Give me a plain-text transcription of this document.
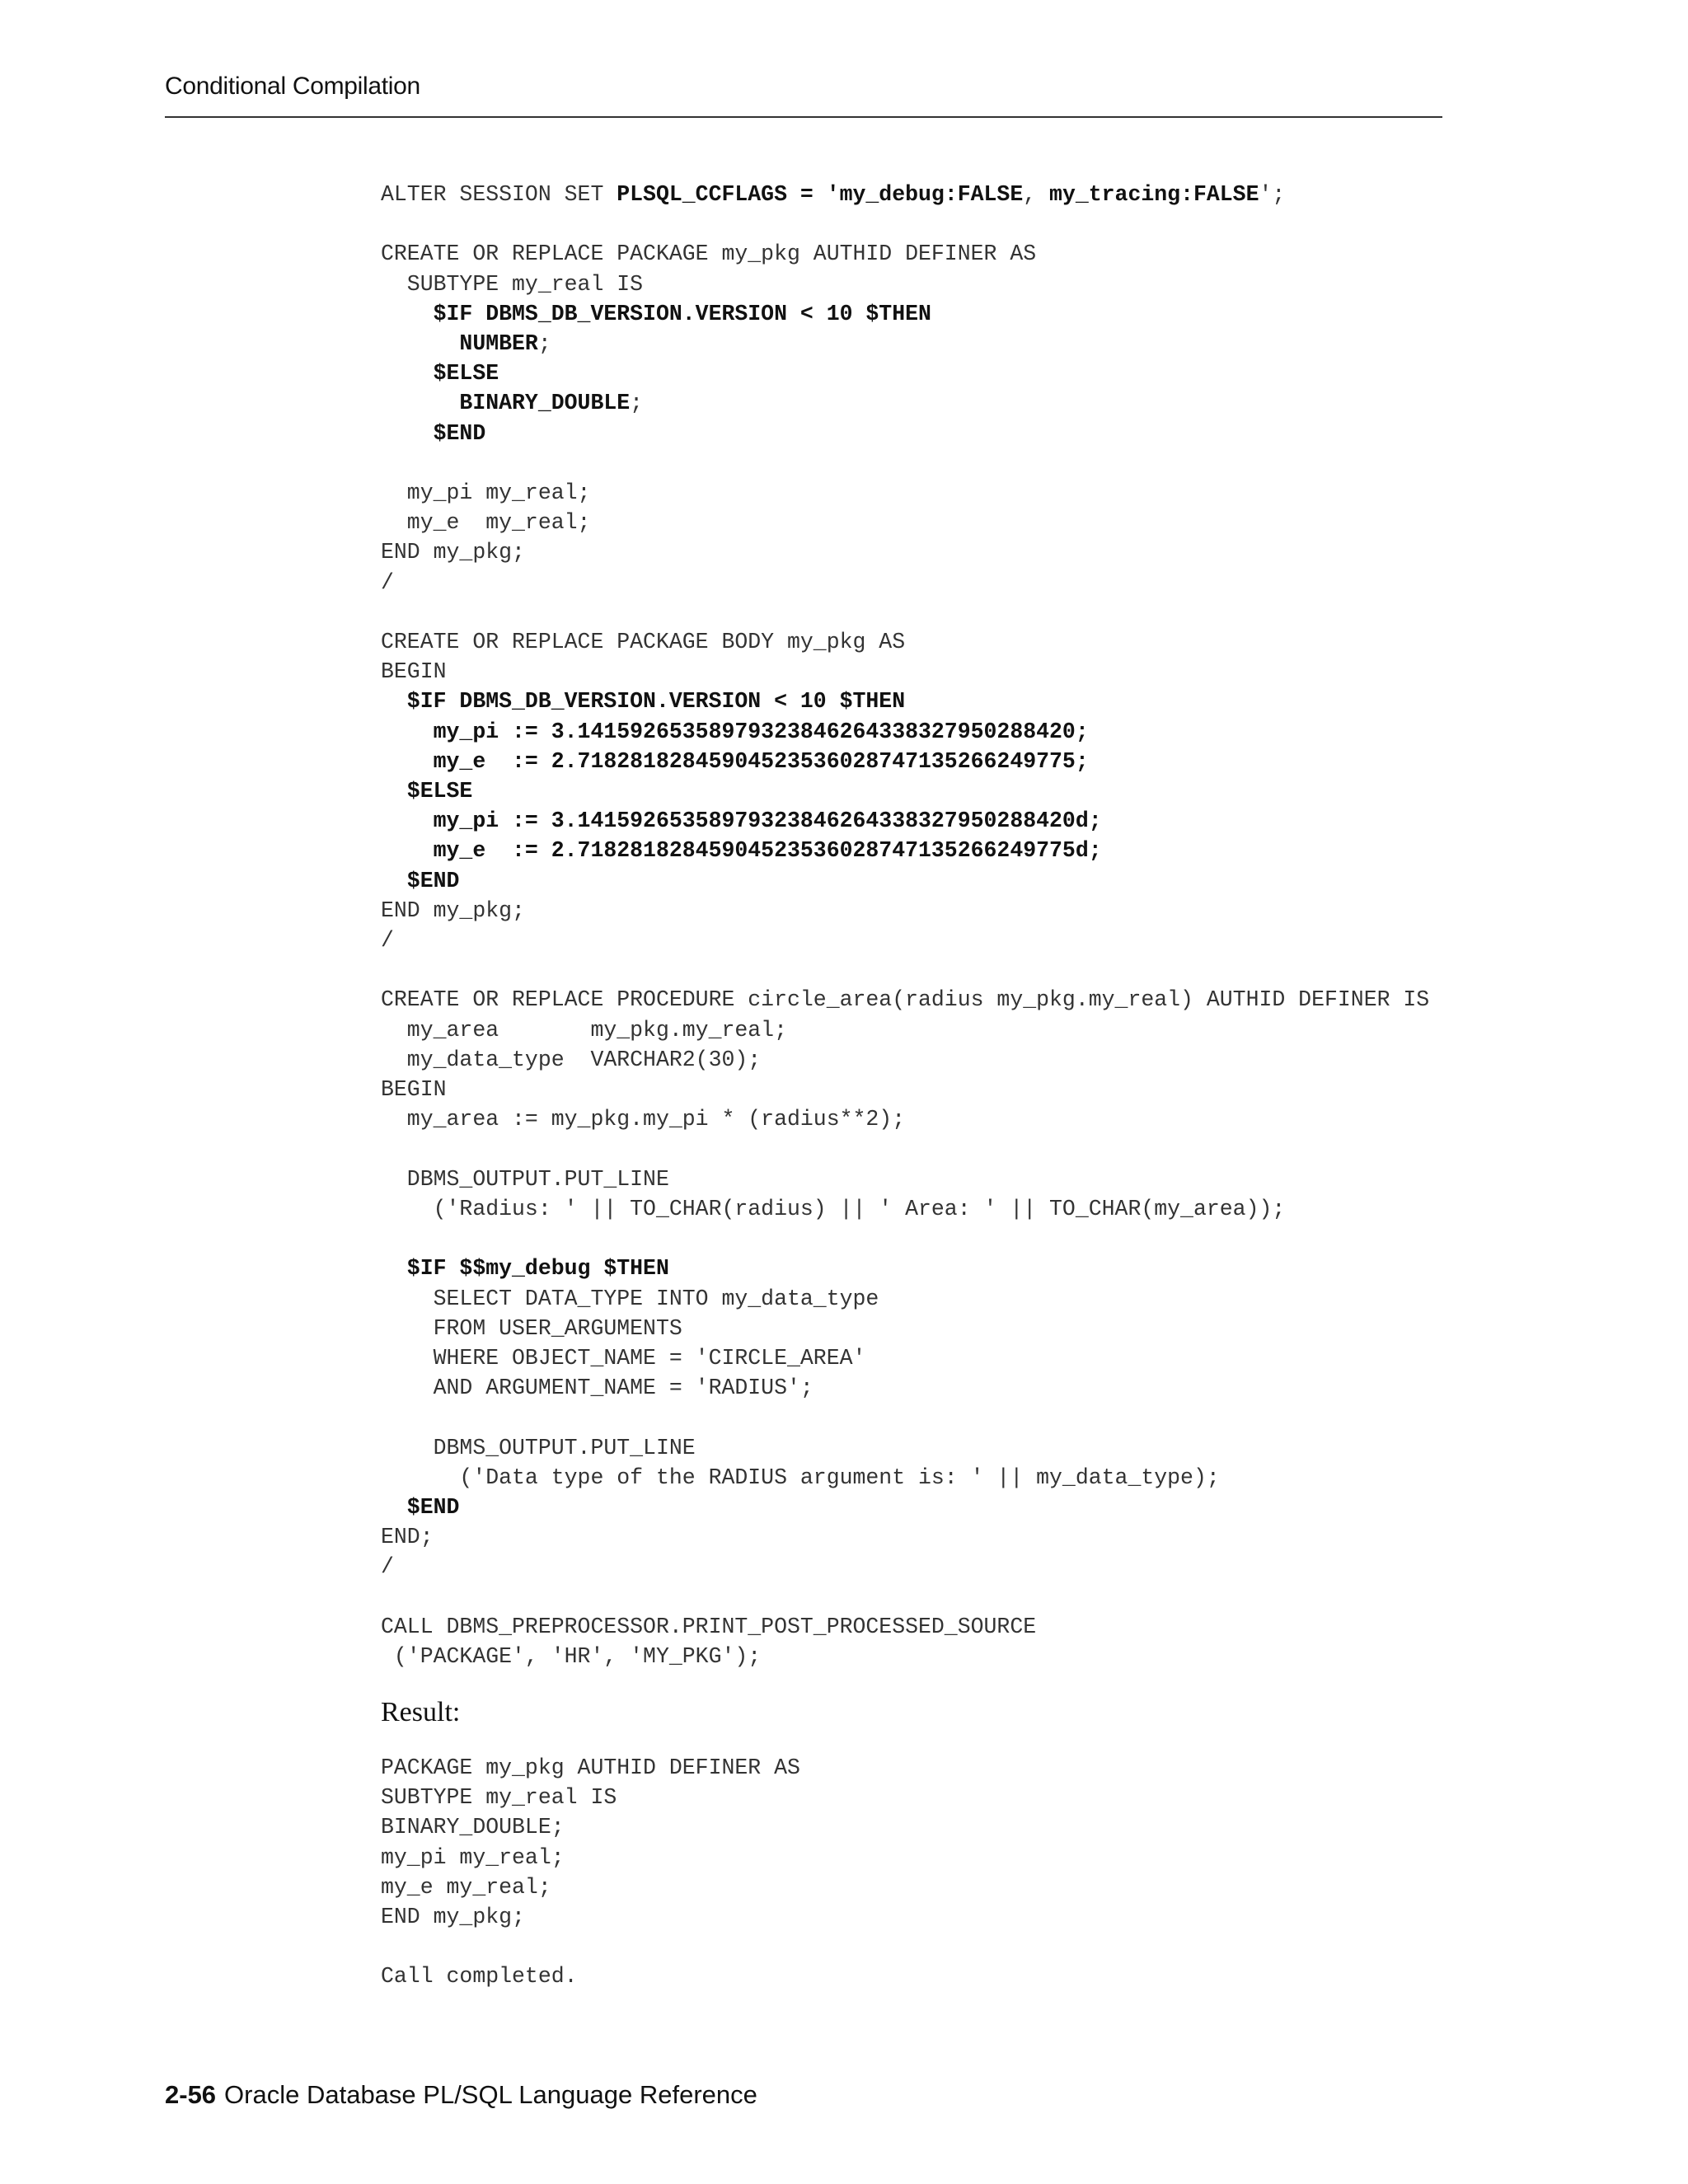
Conditional Compilation
ALTER SESSION SET PLSQL_CCFLAGS = 'my_debug:FALSE, my_tracing:FALSE';

CREATE OR REPLACE PACKAGE my_pkg AUTHID DEFINER AS
SUBTYPE my_real IS
$IF DBMS_DB_VERSION.VERSION < 10 $THEN
NUMBER;
$ELSE
BINARY_DOUBLE;
$END

my_pi my_real;
my_e  my_real;
END my_pkg;
/

CREATE OR REPLACE PACKAGE BODY my_pkg AS
BEGIN
$IF DBMS_DB_VERSION.VERSION < 10 $THEN
my_pi := 3.14159265358979323846264338327950288420;
my_e  := 2.71828182845904523536028747135266249775;
$ELSE
my_pi := 3.14159265358979323846264338327950288420d;
my_e  := 2.71828182845904523536028747135266249775d;
$END
END my_pkg;
/

CREATE OR REPLACE PROCEDURE circle_area(radius my_pkg.my_real) AUTHID DEFINER IS
my_area       my_pkg.my_real;
my_data_type  VARCHAR2(30);
BEGIN
my_area := my_pkg.my_pi * (radius**2);

DBMS_OUTPUT.PUT_LINE
('Radius: ' || TO_CHAR(radius) || ' Area: ' || TO_CHAR(my_area));

$IF $$my_debug $THEN
SELECT DATA_TYPE INTO my_data_type
FROM USER_ARGUMENTS
WHERE OBJECT_NAME = 'CIRCLE_AREA'
AND ARGUMENT_NAME = 'RADIUS';

DBMS_OUTPUT.PUT_LINE
('Data type of the RADIUS argument is: ' || my_data_type);
$END
END;
/

CALL DBMS_PREPROCESSOR.PRINT_POST_PROCESSED_SOURCE
('PACKAGE', 'HR', 'MY_PKG');
Result:
PACKAGE my_pkg AUTHID DEFINER AS
SUBTYPE my_real IS
BINARY_DOUBLE;
my_pi my_real;
my_e my_real;
END my_pkg;

Call completed.
2-56 Oracle Database PL/SQL Language Reference
